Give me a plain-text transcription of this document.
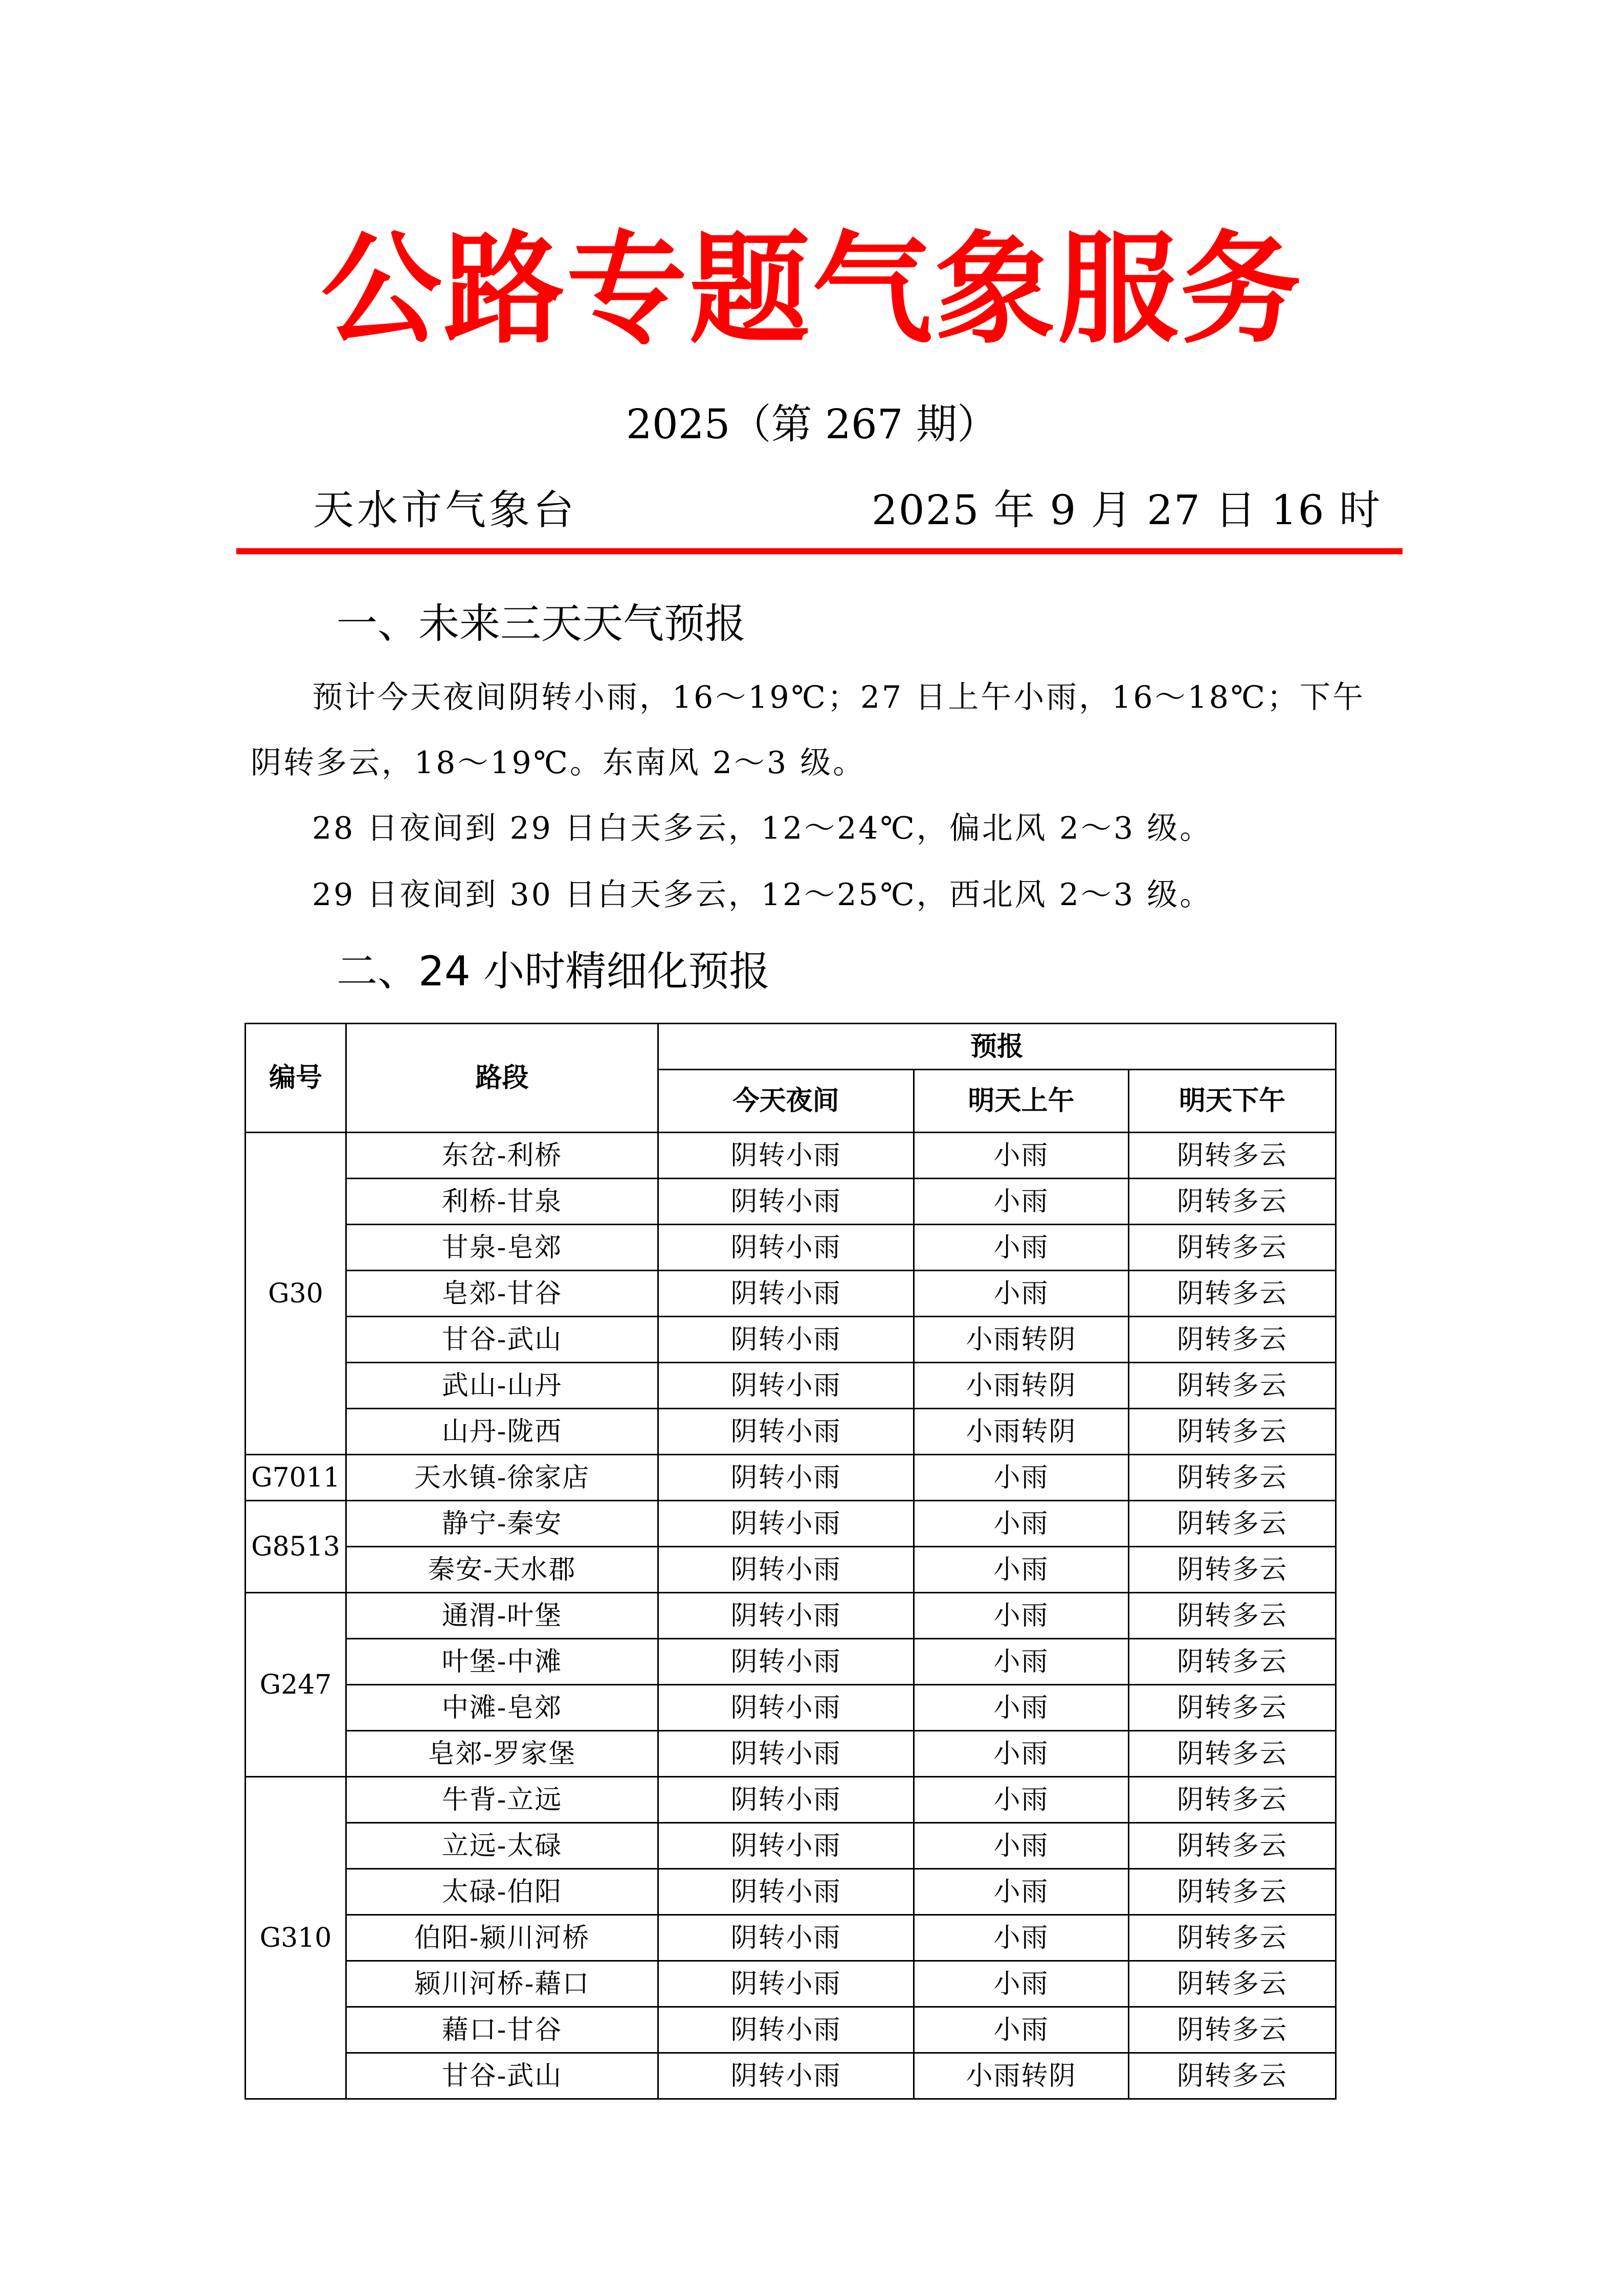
公路专题气象服务
2025（第 267 期）
天水市气象台	2025 年 9 月 27 日 16 时
一、未来三天天气预报
预计今天夜间阴转小雨，16～19℃；27 日上午小雨，16～18℃；下午阴转多云，18～19℃。东南风 2～3 级。
28 日夜间到 29 日白天多云，12～24℃，偏北风 2～3 级。
29 日夜间到 30 日白天多云，12～25℃，西北风 2～3 级。
二、24 小时精细化预报
编号	路段	预报		
		今天夜间	明天上午	明天下午
G30	东岔-利桥	阴转小雨	小雨	阴转多云
	利桥-甘泉	阴转小雨	小雨	阴转多云
	甘泉-皂郊	阴转小雨	小雨	阴转多云
	皂郊-甘谷	阴转小雨	小雨	阴转多云
	甘谷-武山	阴转小雨	小雨转阴	阴转多云
	武山-山丹	阴转小雨	小雨转阴	阴转多云
	山丹-陇西	阴转小雨	小雨转阴	阴转多云
G7011	天水镇-徐家店	阴转小雨	小雨	阴转多云
G8513	静宁-秦安	阴转小雨	小雨	阴转多云
	秦安-天水郡	阴转小雨	小雨	阴转多云
G247	通渭-叶堡	阴转小雨	小雨	阴转多云
	叶堡-中滩	阴转小雨	小雨	阴转多云
	中滩-皂郊	阴转小雨	小雨	阴转多云
	皂郊-罗家堡	阴转小雨	小雨	阴转多云
G310	牛背-立远	阴转小雨	小雨	阴转多云
	立远-太碌	阴转小雨	小雨	阴转多云
	太碌-伯阳	阴转小雨	小雨	阴转多云
	伯阳-颍川河桥	阴转小雨	小雨	阴转多云
	颍川河桥-藉口	阴转小雨	小雨	阴转多云
	藉口-甘谷	阴转小雨	小雨	阴转多云
	甘谷-武山	阴转小雨	小雨转阴	阴转多云
